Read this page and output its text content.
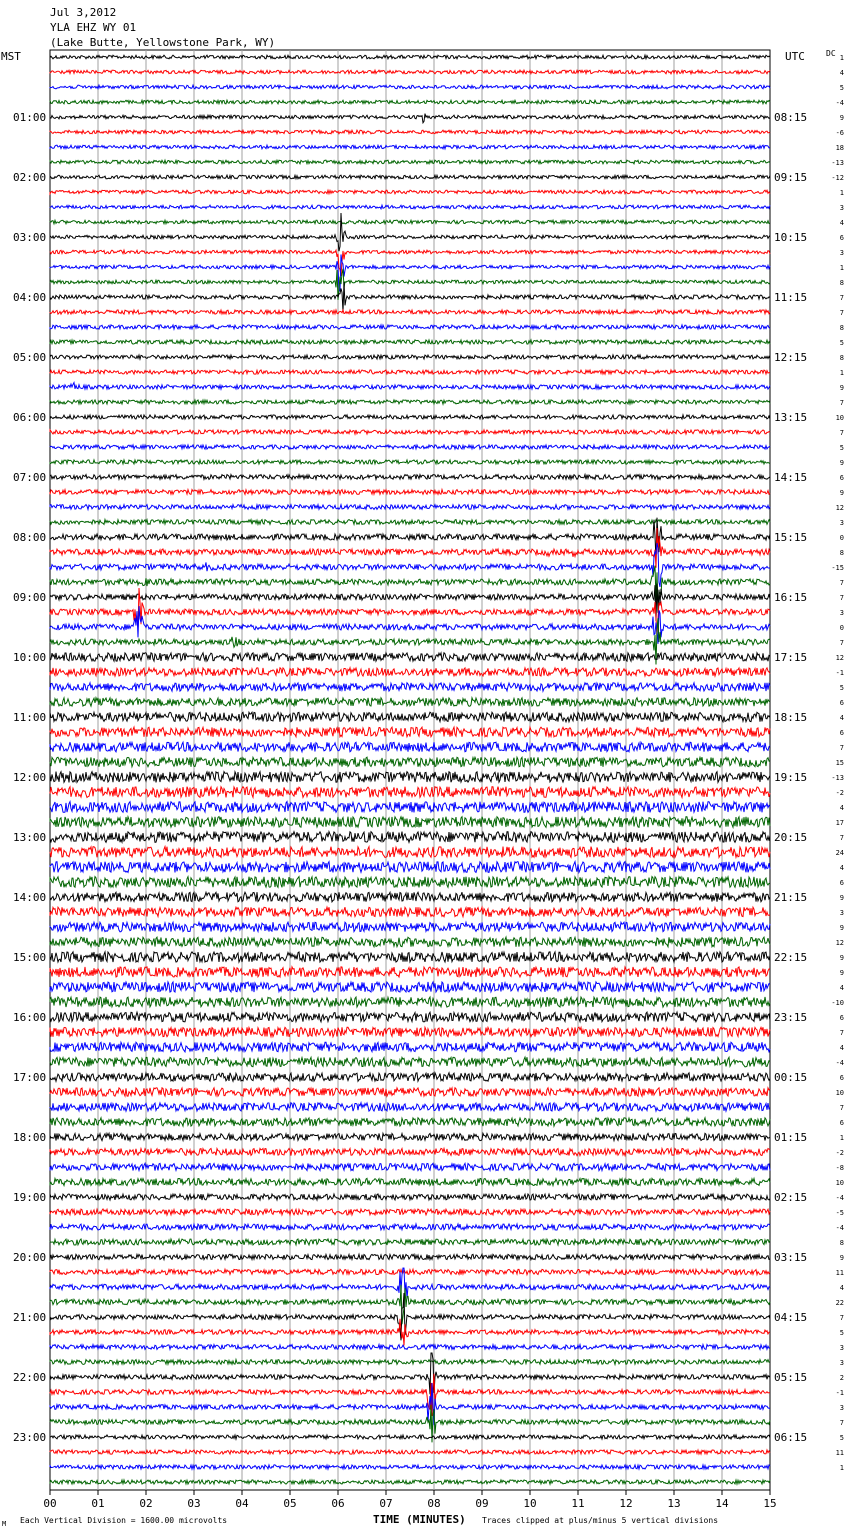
Jul 3,2012
YLA EHZ WY 01
(Lake Butte, Yellowstone Park, WY)
MST	UTC	DC
01:00
02:00
03:00
04:00
05:00
06:00
07:00
08:00
09:00
10:00
11:00
12:00
13:00
14:00
15:00
16:00
17:00
18:00
19:00
20:00
21:00
22:00
23:00
08:15
09:15
10:15
11:15
12:15
13:15
14:15
15:15
16:15
17:15
18:15
19:15
20:15
21:15
22:15
23:15
00:15
01:15
02:15
03:15
04:15
05:15
06:15
1
4
5
-4
9
-6
18
-13
-12
1
3
4
6
3
1
8
7
7
8
5
8
1
9
7
10
7
5
9
6
9
12
3
0
8
-15
7
7
3
0
7
12
-1
5
6
4
6
7
15
-13
-2
4
17
7
24
4
6
9
3
9
12
9
9
4
-10
6
7
4
-4
6
10
7
6
1
-2
-8
10
-4
-5
-4
8
9
11
4
22
7
5
3
3
2
-1
3
7
5
11
1
00	01	02	03	04	05	06	07	08	09	10	11	12	13	14	15
M Each Vertical Division = 1600.00 microvolts	TIME (MINUTES) Traces clipped at plus/minus 5 vertical divisions
